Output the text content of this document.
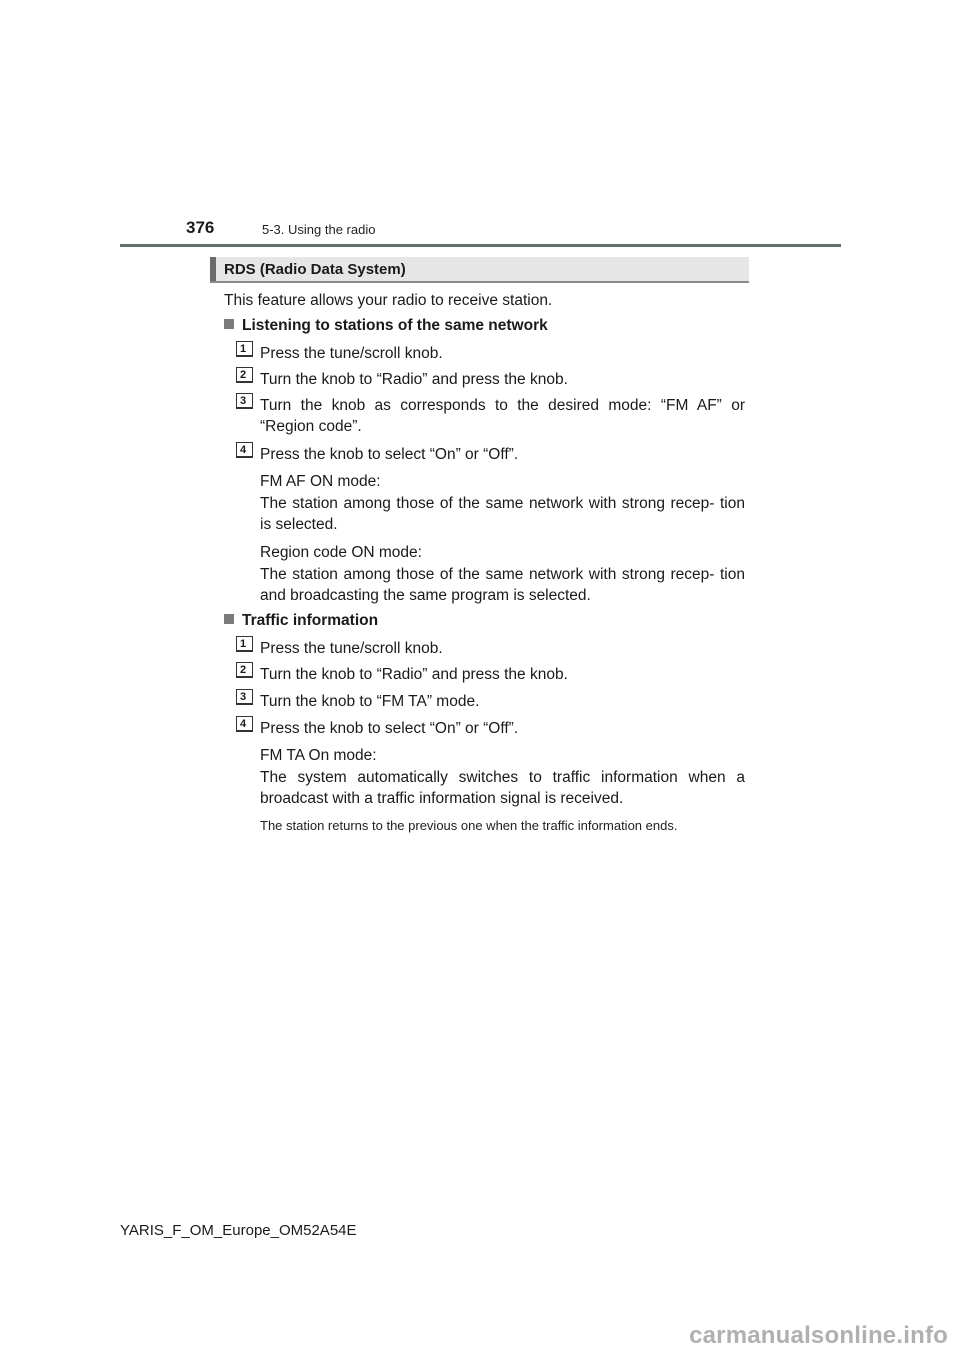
376	5-3. Using the radio
RDS (Radio Data System)
This feature allows your radio to receive station.
Listening to stations of the same network
1 Press the tune/scroll knob.
2 Turn the knob to “Radio” and press the knob.
3 Turn the knob as corresponds to the desired mode: “FM AF” or “Region code”.
4 Press the knob to select “On” or “Off”.
FM AF ON mode:
The station among those of the same network with strong recep- tion is selected.
Region code ON mode:
The station among those of the same network with strong recep- tion and broadcasting the same program is selected.
Traffic information
1 Press the tune/scroll knob.
2 Turn the knob to “Radio” and press the knob.
3 Turn the knob to “FM TA” mode.
4 Press the knob to select “On” or “Off”.
FM TA On mode:
The system automatically switches to traffic information when a broadcast with a traffic information signal is received.
The station returns to the previous one when the traffic information ends.
YARIS_F_OM_Europe_OM52A54E
carmanualsonline.info
